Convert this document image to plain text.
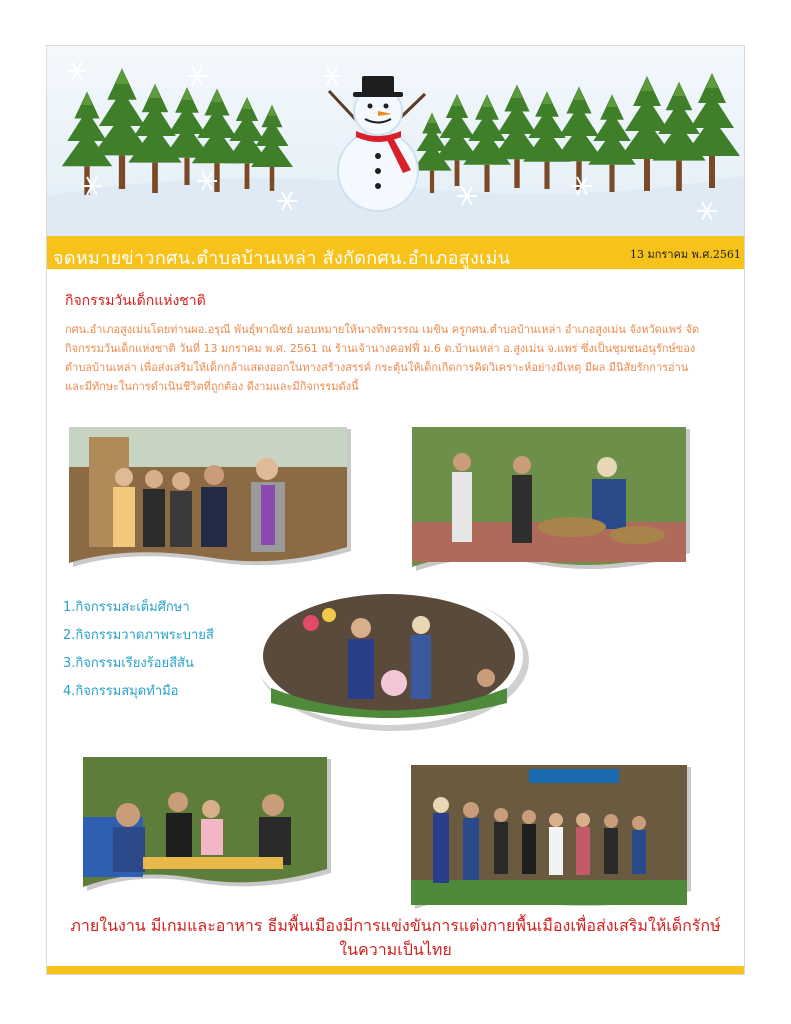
จดหมายข่าวกศน.ตำบลบ้านเหล่า สังกัดกศน.อำเภอสูงเม่น	13 มกราคม พ.ศ.2561
กิจกรรมวันเด็กแห่งชาติ
กศน.อำเภอสูงเม่นโดยท่านผอ.อรุณี พันธุ์พาณิชย์ มอบหมายให้นางทิพวรรณ เมขิน ครูกศน.ตำบลบ้านเหล่า อำเภอสูงเม่น จังหวัดแพร่ จัดกิจกรรมวันเด็กแห่งชาติ วันที่ 13 มกราคม พ.ศ. 2561 ณ ร้านเจ้านางคอฟฟี่ ม.6 ต.บ้านเหล่า อ.สูงเม่น จ.แพร่ ซึ่งเป็นชุมชนอนุรักษ์ของตำบลบ้านเหล่า เพื่อส่งเสริมให้เด็กกล้าแสดงออกในทางสร้างสรรค์ กระตุ้นให้เด็กเกิดการคิดวิเคราะห์อย่างมีเหตุ มีผล มีนิสัยรักการอ่านและมีทักษะในการดำเนินชีวิตที่ถูกต้อง ดีงามและมีกิจกรรมดังนี้
1.กิจกรรมสะเต็มศึกษา
2.กิจกรรมวาดภาพระบายสี
3.กิจกรรมเรียงร้อยสีสัน
4.กิจกรรมสมุดทำมือ
ภายในงาน มีเกมและอาหาร ธีมพื้นเมืองมีการแข่งขันการแต่งกายพื้นเมืองเพื่อส่งเสริมให้เด็กรักษ์
ในความเป็นไทย
